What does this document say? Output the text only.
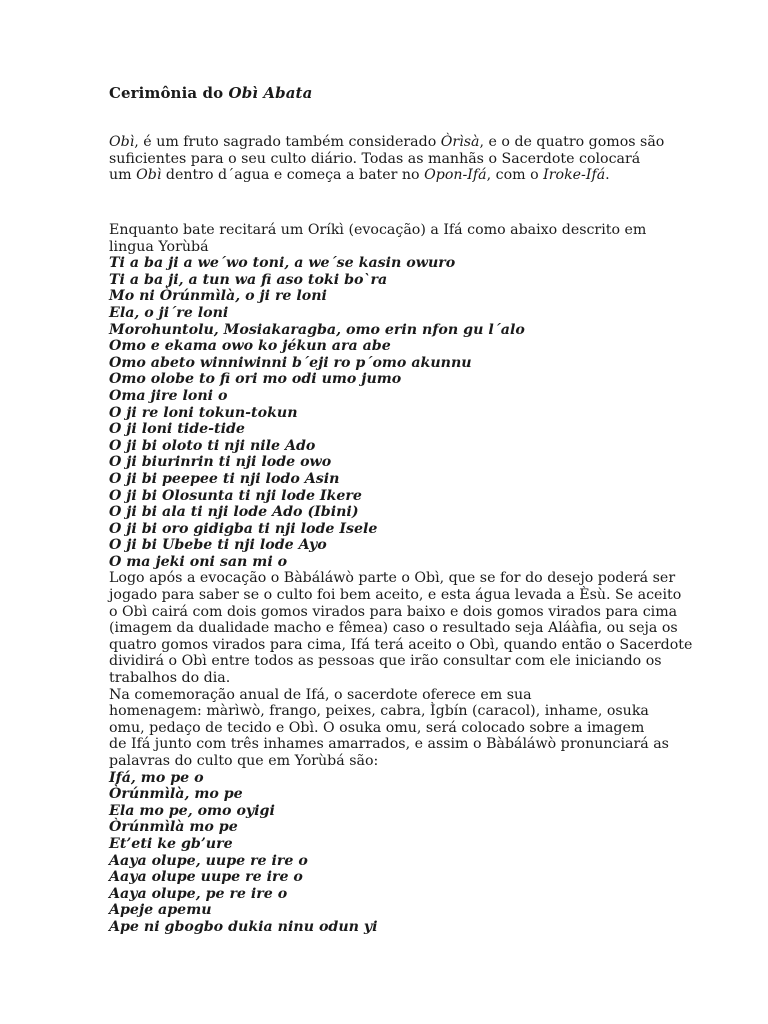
Cerimônia do Obì Abata
Obì, é um fruto sagrado também considerado Òrìsà, e o de quatro gomos são
suficientes para o seu culto diário. Todas as manhãs o Sacerdote colocará
um Obì dentro d´agua e começa a bater no Opon-Ifá, com o Iroke-Ifá.
Enquanto bate recitará um Oríkì (evocação) a Ifá como abaixo descrito em
lingua Yorùbá
Ti a ba ji a we´wo toni, a we´se kasin owuro
Ti a ba ji, a tun wa fi aso toki bo`ra
Mo ni Òrúnmìlà, o ji re loni
Ela, o ji´re loni
Morohuntolu, Mosiakaragba, omo erin nfon gu l´alo
Omo e ekama owo ko jékun ara abe
Omo abeto winniwinni b´eji ro p´omo akunnu
Omo olobe to fi ori mo odi umo jumo
Oma jire loni o
O ji re loni tokun-tokun
O ji loni tide-tide
O ji bi oloto ti nji nile Ado
O ji biurinrin ti nji lode owo
O ji bi peepee ti nji lodo Asin
O ji bi Olosunta ti nji lode Ikere
O ji bi ala ti nji lode Ado (Ibini)
O ji bi oro gidigba ti nji lode Isele
O ji bi Ubebe ti nji lode Ayo
O ma jeki oni san mi o
Logo após a evocação o Bàbáláwò parte o Obì, que se for do desejo poderá ser
jogado para saber se o culto foi bem aceito, e esta água levada a Èsù. Se aceito
o Obì cairá com dois gomos virados para baixo e dois gomos virados para cima
(imagem da dualidade macho e fêmea) caso o resultado seja Aláàfia, ou seja os
quatro gomos virados para cima, Ifá terá aceito o Obì, quando então o Sacerdote
dividirá o Obì entre todos as pessoas que irão consultar com ele iniciando os
trabalhos do dia.
Na comemoração anual de Ifá, o sacerdote oferece em sua
homenagem: màrìwò, frango, peixes, cabra, Ìgbín (caracol), inhame, osuka
omu, pedaço de tecido e Obì. O osuka omu, será colocado sobre a imagem
de Ifá junto com três inhames amarrados, e assim o Bàbáláwò pronunciará as
palavras do culto que em Yorùbá são:
Ifá, mo pe o
Òrúnmìlà, mo pe
Ela mo pe, omo oyigi
Òrúnmìlà mo pe
Et’eti ke gb’ure
Aaya olupe, uupe re ire o
Aaya olupe uupe re ire o
Aaya olupe, pe re ire o
Apeje apemu
Ape ni gbogbo dukia ninu odun yi
